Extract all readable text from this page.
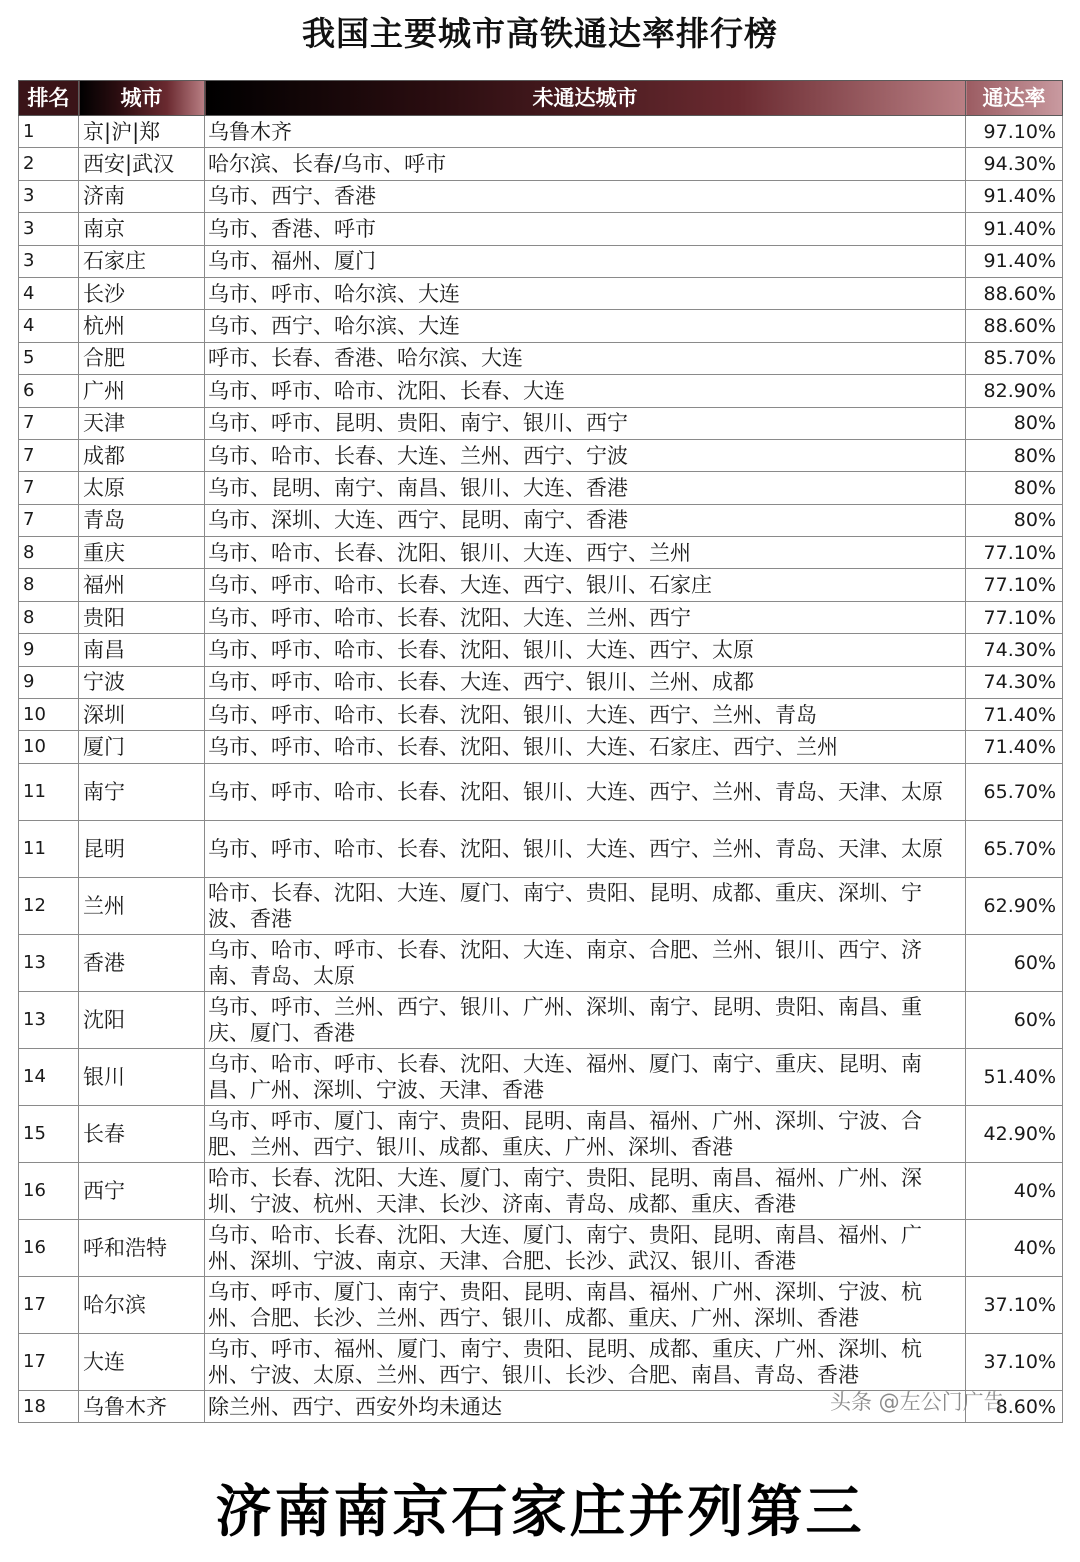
我国主要城市高铁通达率排行榜
排名	城市	未通达城市	通达率
1	京|沪|郑	乌鲁木齐	97.10%
2	西安|武汉	哈尔滨、长春/乌市、呼市	94.30%
3	济南	乌市、西宁、香港	91.40%
3	南京	乌市、香港、呼市	91.40%
3	石家庄	乌市、福州、厦门	91.40%
4	长沙	乌市、呼市、哈尔滨、大连	88.60%
4	杭州	乌市、西宁、哈尔滨、大连	88.60%
5	合肥	呼市、长春、香港、哈尔滨、大连	85.70%
6	广州	乌市、呼市、哈市、沈阳、长春、大连	82.90%
7	天津	乌市、呼市、昆明、贵阳、南宁、银川、西宁	80%
7	成都	乌市、哈市、长春、大连、兰州、西宁、宁波	80%
7	太原	乌市、昆明、南宁、南昌、银川、大连、香港	80%
7	青岛	乌市、深圳、大连、西宁、昆明、南宁、香港	80%
8	重庆	乌市、哈市、长春、沈阳、银川、大连、西宁、兰州	77.10%
8	福州	乌市、呼市、哈市、长春、大连、西宁、银川、石家庄	77.10%
8	贵阳	乌市、呼市、哈市、长春、沈阳、大连、兰州、西宁	77.10%
9	南昌	乌市、呼市、哈市、长春、沈阳、银川、大连、西宁、太原	74.30%
9	宁波	乌市、呼市、哈市、长春、大连、西宁、银川、兰州、成都	74.30%
10	深圳	乌市、呼市、哈市、长春、沈阳、银川、大连、西宁、兰州、青岛	71.40%
10	厦门	乌市、呼市、哈市、长春、沈阳、银川、大连、石家庄、西宁、兰州	71.40%
11	南宁	乌市、呼市、哈市、长春、沈阳、银川、大连、西宁、兰州、青岛、天津、太原	65.70%
11	昆明	乌市、呼市、哈市、长春、沈阳、银川、大连、西宁、兰州、青岛、天津、太原	65.70%
12	兰州	哈市、长春、沈阳、大连、厦门、南宁、贵阳、昆明、成都、重庆、深圳、宁波、香港	62.90%
13	香港	乌市、哈市、呼市、长春、沈阳、大连、南京、合肥、兰州、银川、西宁、济南、青岛、太原	60%
13	沈阳	乌市、呼市、兰州、西宁、银川、广州、深圳、南宁、昆明、贵阳、南昌、重庆、厦门、香港	60%
14	银川	乌市、哈市、呼市、长春、沈阳、大连、福州、厦门、南宁、重庆、昆明、南昌、广州、深圳、宁波、天津、香港	51.40%
15	长春	乌市、呼市、厦门、南宁、贵阳、昆明、南昌、福州、广州、深圳、宁波、合肥、兰州、西宁、银川、成都、重庆、广州、深圳、香港	42.90%
16	西宁	哈市、长春、沈阳、大连、厦门、南宁、贵阳、昆明、南昌、福州、广州、深圳、宁波、杭州、天津、长沙、济南、青岛、成都、重庆、香港	40%
16	呼和浩特	乌市、哈市、长春、沈阳、大连、厦门、南宁、贵阳、昆明、南昌、福州、广州、深圳、宁波、南京、天津、合肥、长沙、武汉、银川、香港	40%
17	哈尔滨	乌市、呼市、厦门、南宁、贵阳、昆明、南昌、福州、广州、深圳、宁波、杭州、合肥、长沙、兰州、西宁、银川、成都、重庆、广州、深圳、香港	37.10%
17	大连	乌市、呼市、福州、厦门、南宁、贵阳、昆明、成都、重庆、广州、深圳、杭州、宁波、太原、兰州、西宁、银川、长沙、合肥、南昌、青岛、香港	37.10%
18	乌鲁木齐	除兰州、西宁、西安外均未通达	8.60%
头条 @左公门广告
济南南京石家庄并列第三
